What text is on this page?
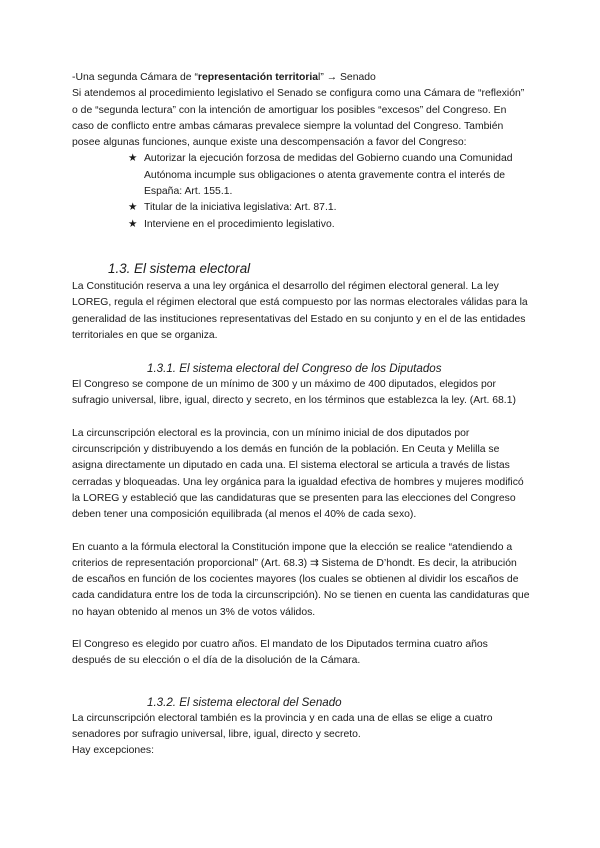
-Una segunda Cámara de “representación territorial” → Senado

Si atendemos al procedimiento legislativo el Senado se configura como una Cámara de “reflexión” o de “segunda lectura” con la intención de amortiguar los posibles “excesos” del Congreso. En caso de conflicto entre ambas cámaras prevalece siempre la voluntad del Congreso. También posee algunas funciones, aunque existe una descompensación a favor del Congreso:

★ Autorizar la ejecución forzosa de medidas del Gobierno cuando una Comunidad Autónoma incumple sus obligaciones o atenta gravemente contra el interés de España: Art. 155.1.
★ Titular de la iniciativa legislativa: Art. 87.1.
★ Interviene en el procedimiento legislativo.
1.3. El sistema electoral

La Constitución reserva a una ley orgánica el desarrollo del régimen electoral general. La ley LOREG, regula el régimen electoral que está compuesto por las normas electorales válidas para la generalidad de las instituciones representativas del Estado en su conjunto y en el de las entidades territoriales en que se organiza.

1.3.1. El sistema electoral del Congreso de los Diputados

El Congreso se compone de un mínimo de 300 y un máximo de 400 diputados, elegidos por sufragio universal, libre, igual, directo y secreto, en los términos que establezca la ley. (Art. 68.1)

La circunscripción electoral es la provincia, con un mínimo inicial de dos diputados por circunscripción y distribuyendo a los demás en función de la población. En Ceuta y Melilla se asigna directamente un diputado en cada una. El sistema electoral se articula a través de listas cerradas y bloqueadas. Una ley orgánica para la igualdad efectiva de hombres y mujeres modificó la LOREG y estableció que las candidaturas que se presenten para las elecciones del Congreso deben tener una composición equilibrada (al menos el 40% de cada sexo).

En cuanto a la fórmula electoral la Constitución impone que la elección se realice “atendiendo a criterios de representación proporcional” (Art. 68.3) ⇉ Sistema de D’hondt. Es decir, la atribución de escaños en función de los cocientes mayores (los cuales se obtienen al dividir los escaños de cada candidatura entre los de toda la circunscripción). No se tienen en cuenta las candidaturas que no hayan obtenido al menos un 3% de votos válidos.

El Congreso es elegido por cuatro años. El mandato de los Diputados termina cuatro años después de su elección o el día de la disolución de la Cámara.

1.3.2. El sistema electoral del Senado

La circunscripción electoral también es la provincia y en cada una de ellas se elige a cuatro senadores por sufragio universal, libre, igual, directo y secreto.

Hay excepciones:
